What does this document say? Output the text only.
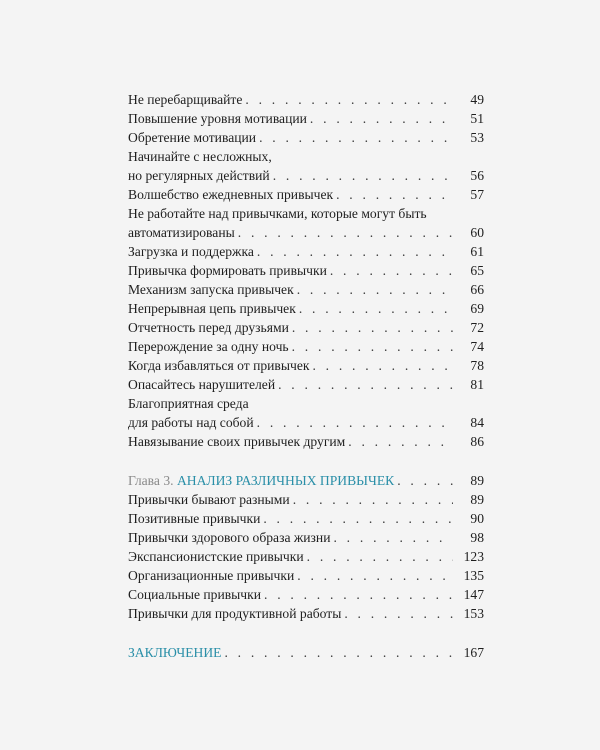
Не перебарщивайте . . .	49
Повышение уровня мотивации . . .	51
Обретение мотивации . . .	53
Начинайте с несложных,
но регулярных действий . . .	56
Волшебство ежедневных привычек . . .	57
Не работайте над привычками, которые могут быть
автоматизированы . . .	60
Загрузка и поддержка . . .	61
Привычка формировать привычки . . .	65
Механизм запуска привычек . . .	66
Непрерывная цепь привычек . . .	69
Отчетность перед друзьями . . .	72
Перерождение за одну ночь . . .	74
Когда избавляться от привычек . . .	78
Опасайтесь нарушителей . . .	81
Благоприятная среда
для работы над собой . . .	84
Навязывание своих привычек другим . . .	86
Глава 3. АНАЛИЗ РАЗЛИЧНЫХ ПРИВЫЧЕК . . .	89
Привычки бывают разными . . .	89
Позитивные привычки . . .	90
Привычки здорового образа жизни . . .	98
Экспансионистские привычки . . .	123
Организационные привычки . . .	135
Социальные привычки . . .	147
Привычки для продуктивной работы . . .	153
ЗАКЛЮЧЕНИЕ . . .	167
